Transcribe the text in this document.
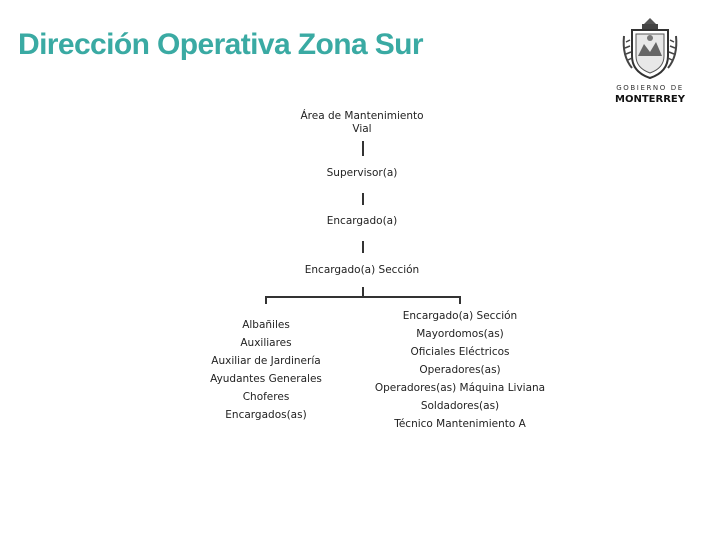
Dirección Operativa Zona Sur
GOBIERNO DE
MONTERREY
Área de Mantenimiento
Vial
Supervisor(a)
Encargado(a)
Encargado(a) Sección
Albañiles
Auxiliares
Auxiliar de Jardinería
Ayudantes Generales
Choferes
Encargados(as)
Encargado(a) Sección
Mayordomos(as)
Oficiales Eléctricos
Operadores(as)
Operadores(as) Máquina Liviana
Soldadores(as)
Técnico Mantenimiento A
